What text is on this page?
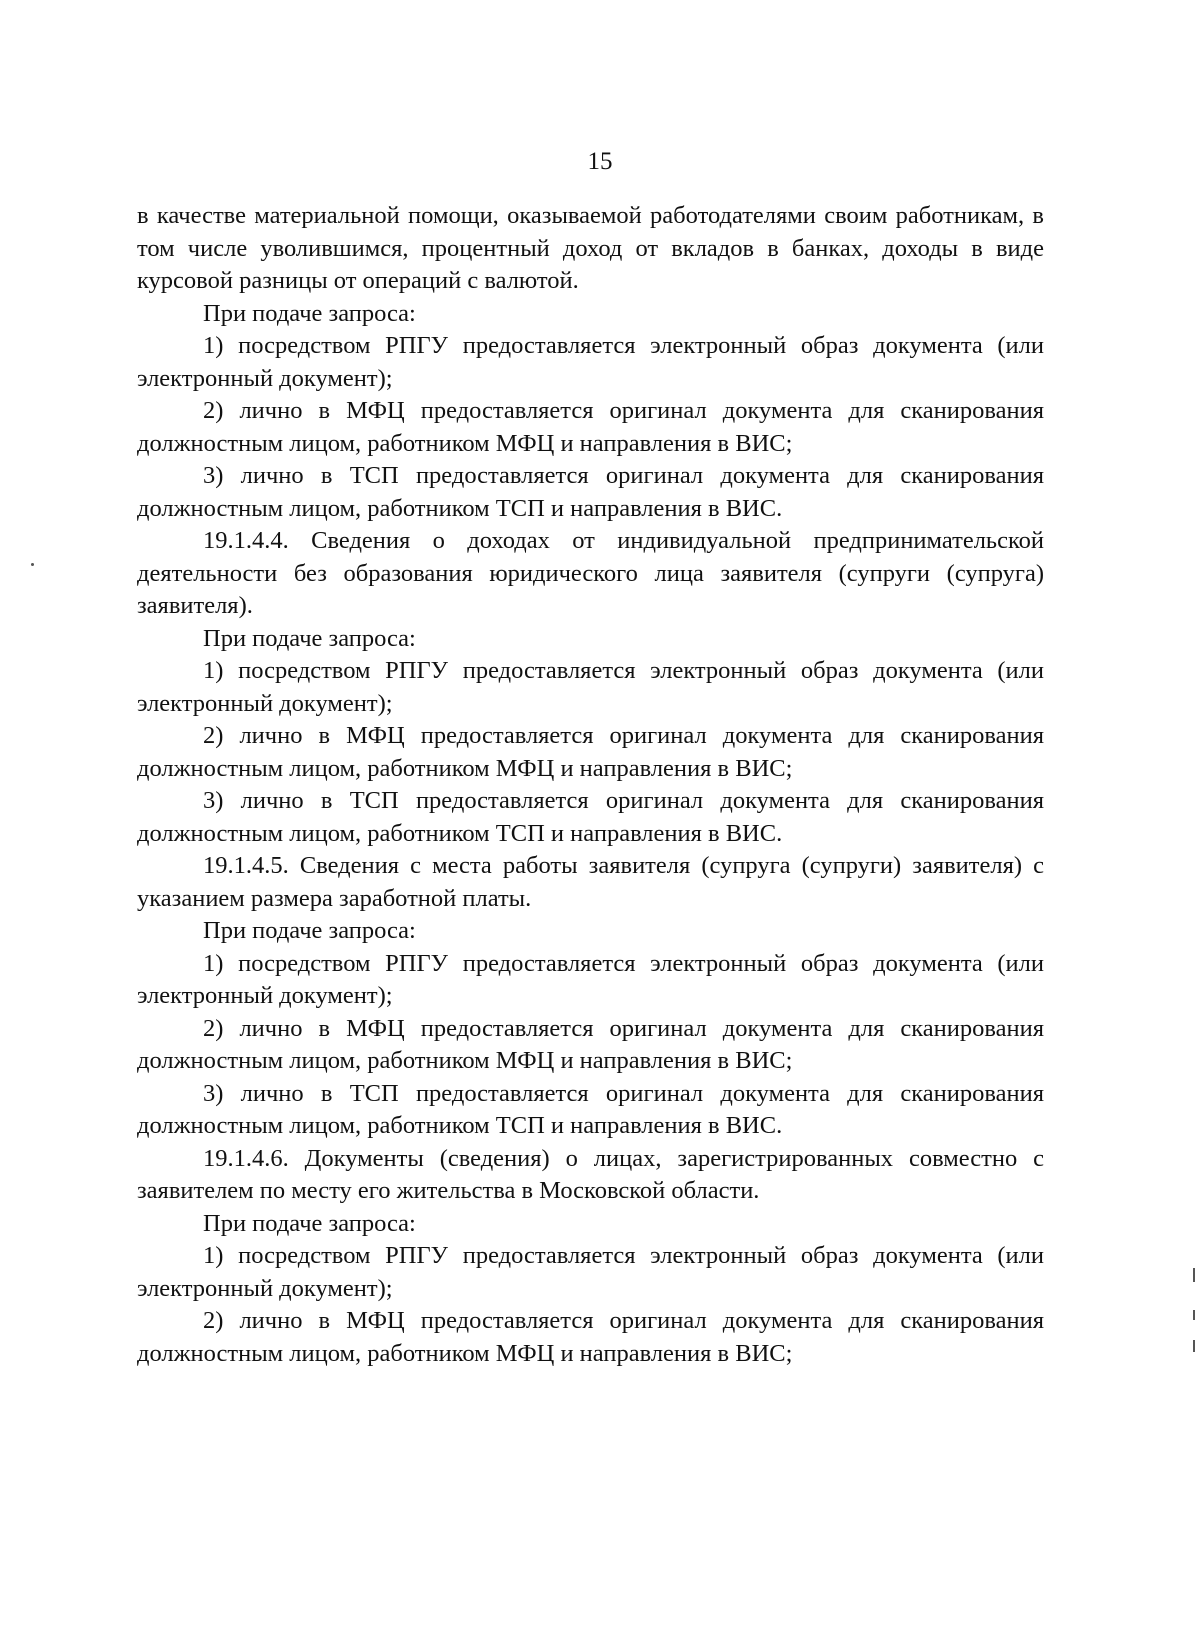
15

в качестве материальной помощи, оказываемой работодателями своим работникам, в том числе уволившимся, процентный доход от вкладов в банках, доходы в виде курсовой разницы от операций с валютой.

При подаче запроса:

1) посредством РПГУ предоставляется электронный образ документа (или электронный документ);

2) лично в МФЦ предоставляется оригинал документа для сканирования должностным лицом, работником МФЦ и направления в ВИС;

3) лично в ТСП предоставляется оригинал документа для сканирования должностным лицом, работником ТСП и направления в ВИС.

19.1.4.4. Сведения о доходах от индивидуальной предпринимательской деятельности без образования юридического лица заявителя (супруги (супруга) заявителя).

При подаче запроса:

1) посредством РПГУ предоставляется электронный образ документа (или электронный документ);

2) лично в МФЦ предоставляется оригинал документа для сканирования должностным лицом, работником МФЦ и направления в ВИС;

3) лично в ТСП предоставляется оригинал документа для сканирования должностным лицом, работником ТСП и направления в ВИС.

19.1.4.5. Сведения с места работы заявителя (супруга (супруги) заявителя) с указанием размера заработной платы.

При подаче запроса:

1) посредством РПГУ предоставляется электронный образ документа (или электронный документ);

2) лично в МФЦ предоставляется оригинал документа для сканирования должностным лицом, работником МФЦ и направления в ВИС;

3) лично в ТСП предоставляется оригинал документа для сканирования должностным лицом, работником ТСП и направления в ВИС.

19.1.4.6. Документы (сведения) о лицах, зарегистрированных совместно с заявителем по месту его жительства в Московской области.

При подаче запроса:

1) посредством РПГУ предоставляется электронный образ документа (или электронный документ);

2) лично в МФЦ предоставляется оригинал документа для сканирования должностным лицом, работником МФЦ и направления в ВИС;
